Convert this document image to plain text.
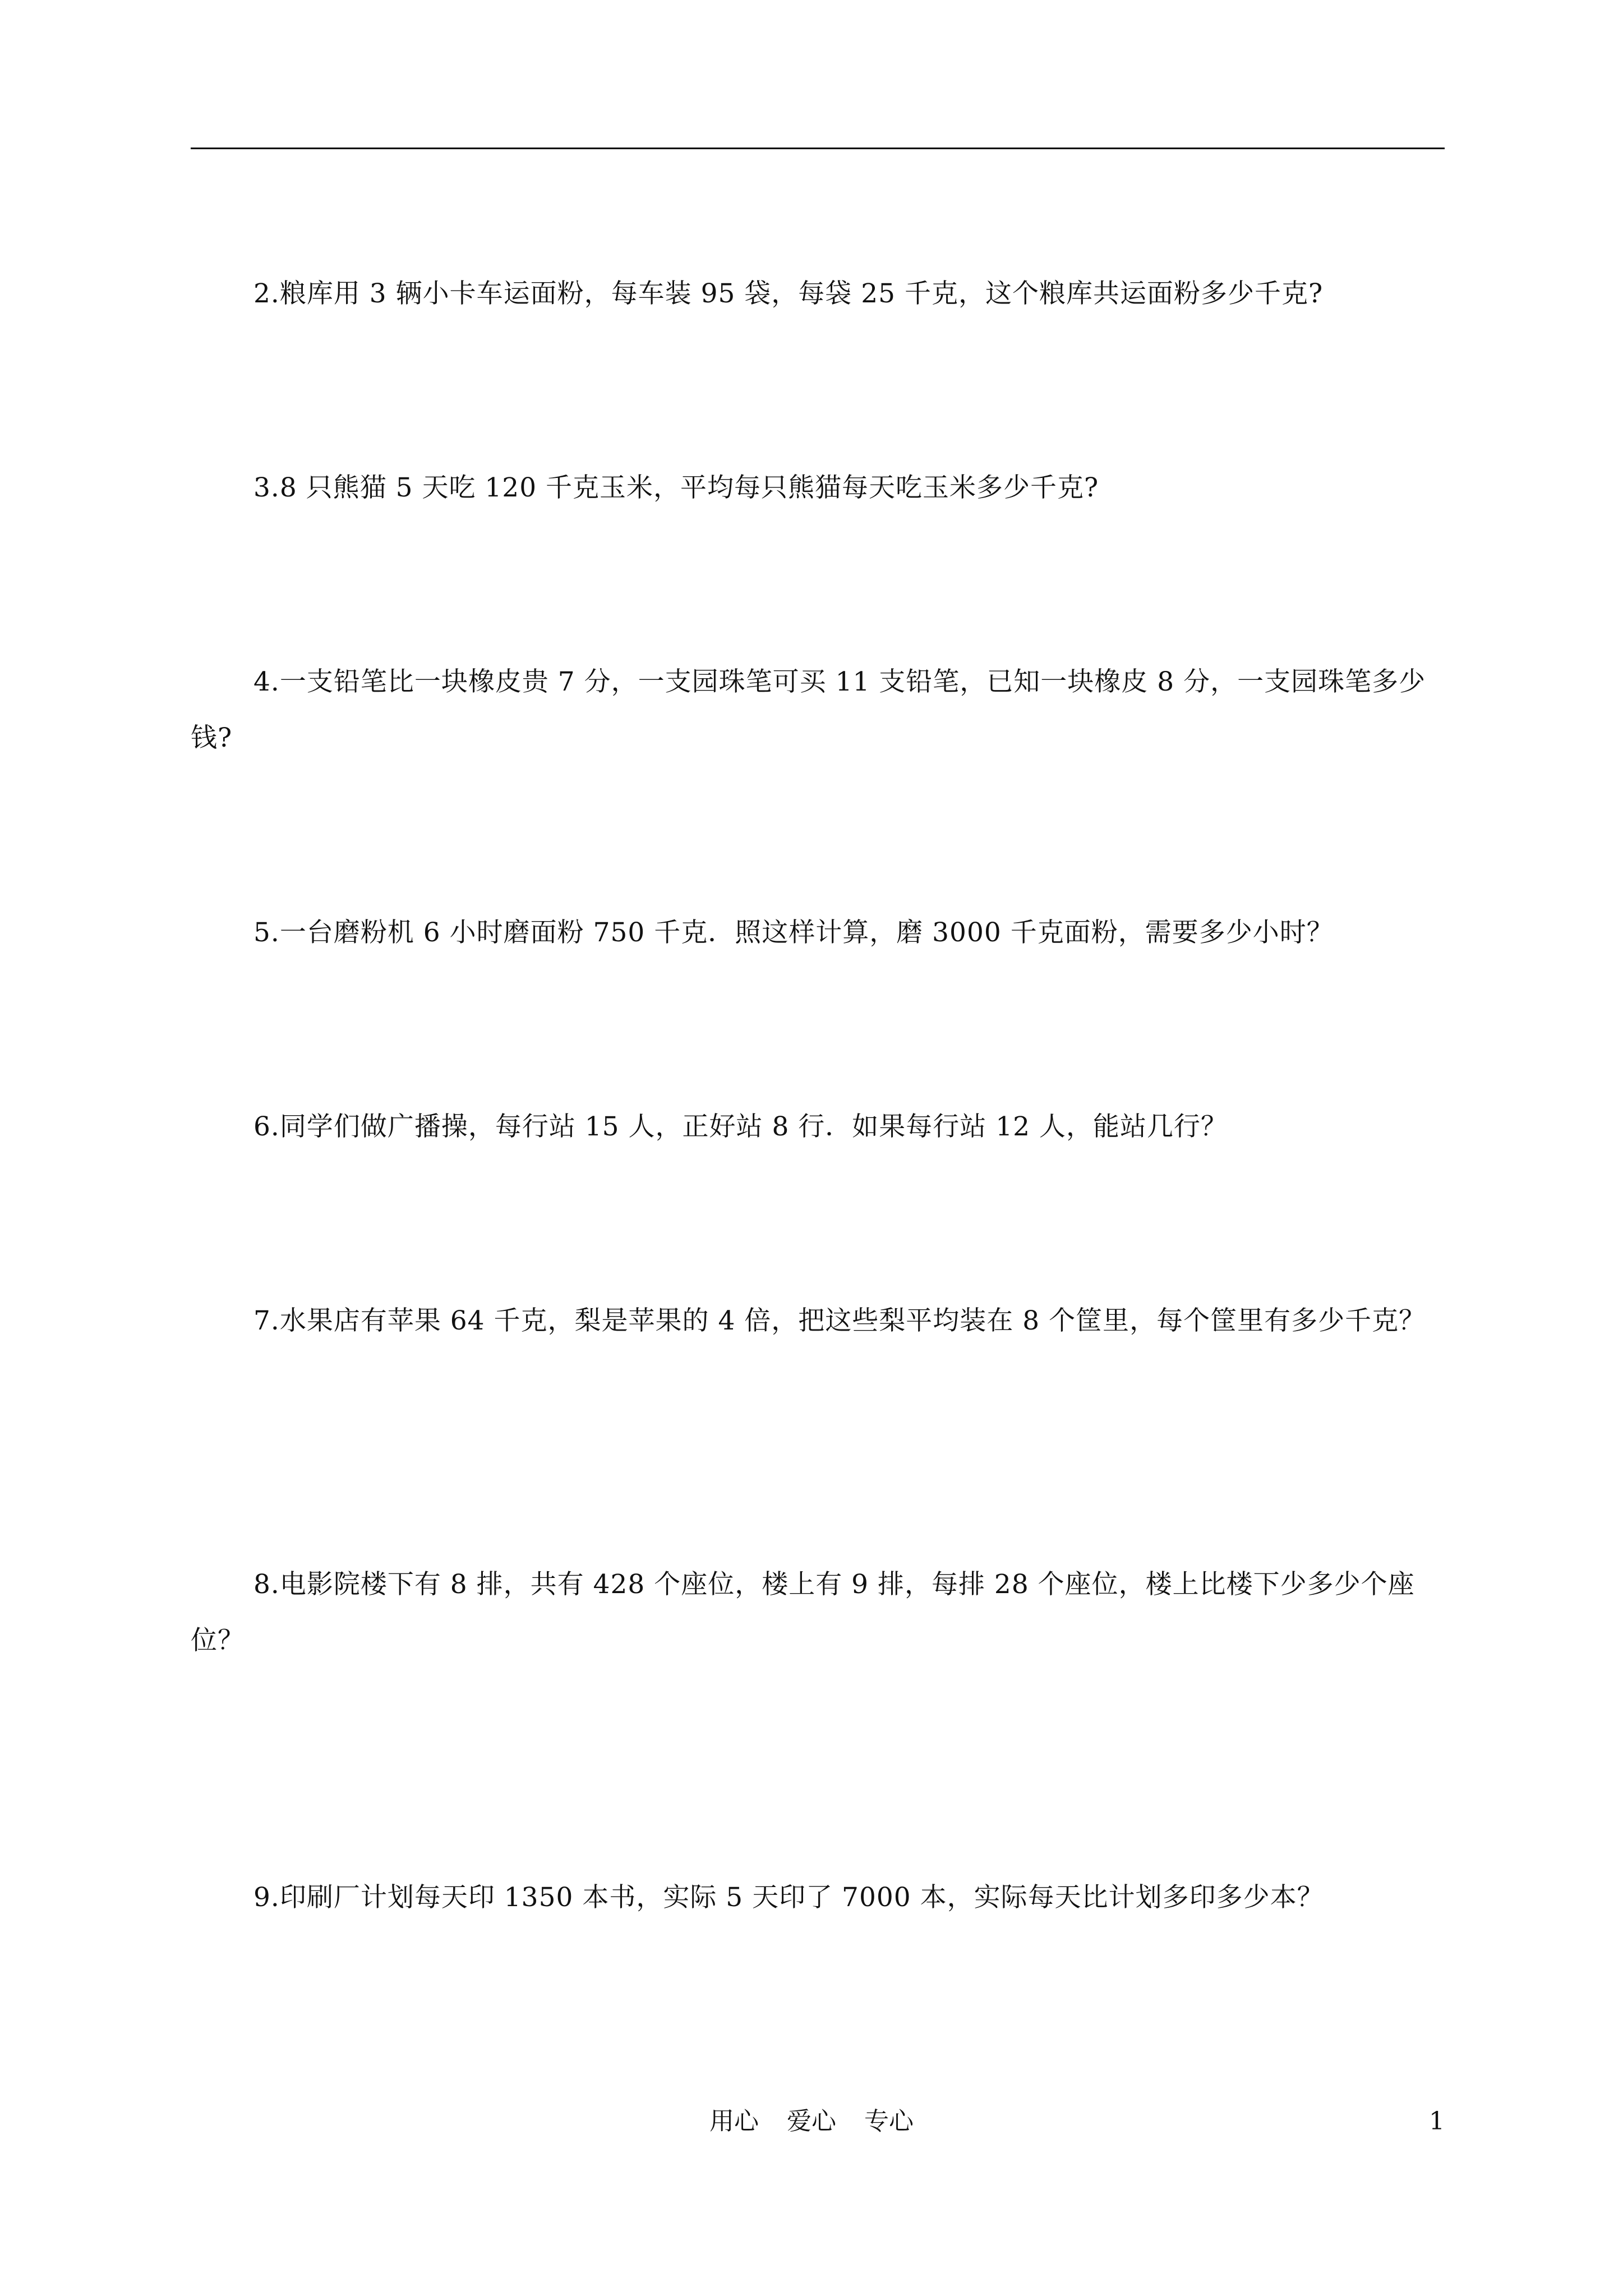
2.粮库用 3 辆小卡车运面粉，每车装 95 袋，每袋 25 千克，这个粮库共运面粉多少千克?

3.8 只熊猫 5 天吃 120 千克玉米，平均每只熊猫每天吃玉米多少千克?

4.一支铅笔比一块橡皮贵 7 分，一支园珠笔可买 11 支铅笔，已知一块橡皮 8 分，一支园珠笔多少钱?

5.一台磨粉机 6 小时磨面粉 750 千克．照这样计算，磨 3000 千克面粉，需要多少小时？

6.同学们做广播操，每行站 15 人，正好站 8 行．如果每行站 12 人，能站几行？

7.水果店有苹果 64 千克，梨是苹果的 4 倍，把这些梨平均装在 8 个筐里，每个筐里有多少千克？

8.电影院楼下有 8 排，共有 428 个座位，楼上有 9 排，每排 28 个座位，楼上比楼下少多少个座位？

9.印刷厂计划每天印 1350 本书，实际 5 天印了 7000 本，实际每天比计划多印多少本？

用心 爱心 专心	1
